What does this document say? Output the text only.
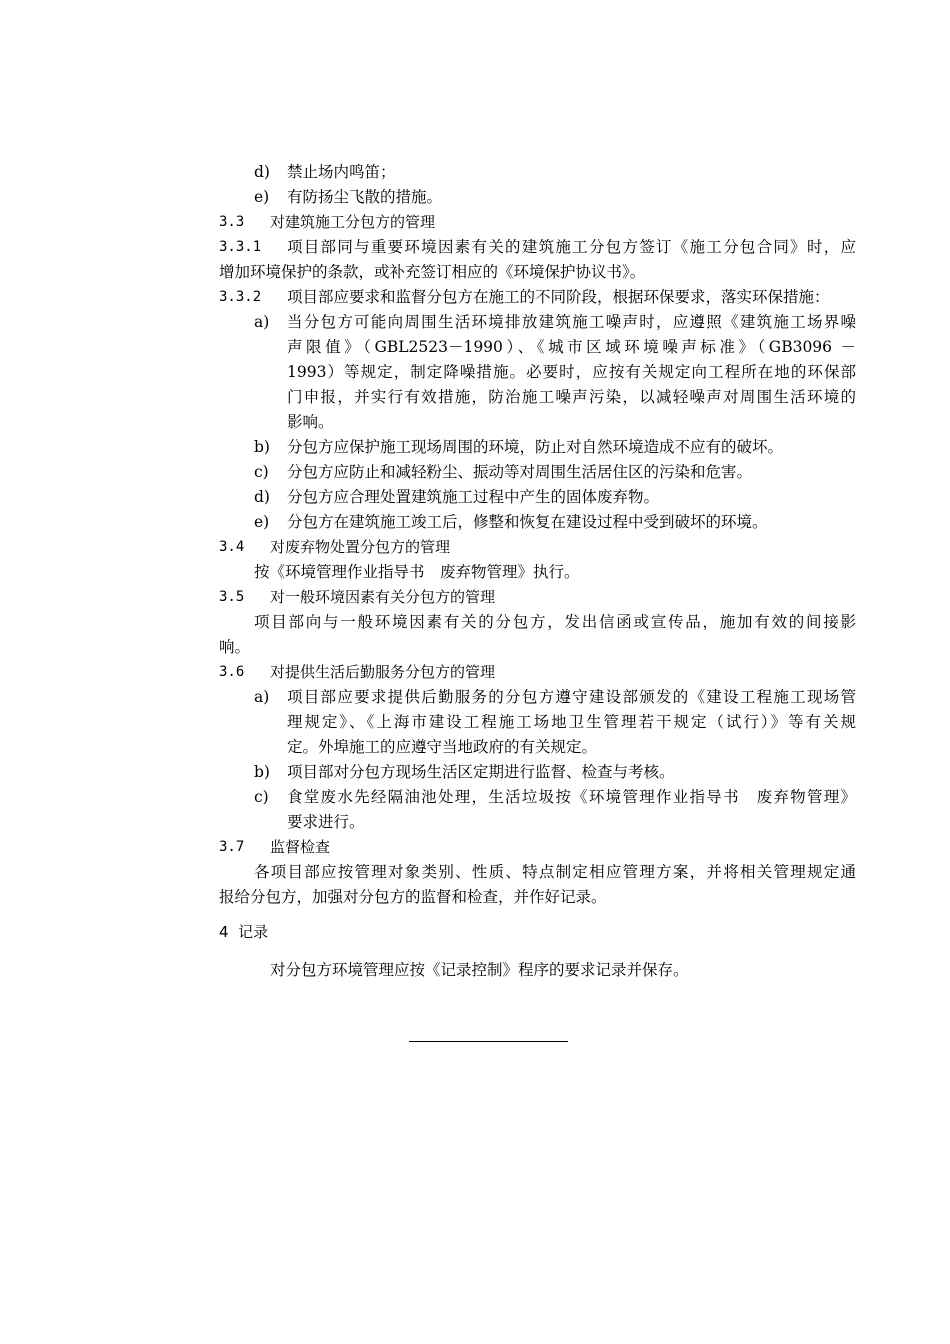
d) 禁止场内鸣笛；
e) 有防扬尘飞散的措施。
3.3 对建筑施工分包方的管理
3.3.1 项目部同与重要环境因素有关的建筑施工分包方签订《施工分包合同》时，应
增加环境保护的条款，或补充签订相应的《环境保护协议书》。
3.3.2 项目部应要求和监督分包方在施工的不同阶段，根据环保要求，落实环保措施：
a) 当分包方可能向周围生活环境排放建筑施工噪声时，应遵照《建筑施工场界噪
声限值》（GBL2523－1990）、《城市区域环境噪声标准》（GB3096 －
1993）等规定，制定降噪措施。必要时，应按有关规定向工程所在地的环保部
门申报，并实行有效措施，防治施工噪声污染，以减轻噪声对周围生活环境的
影响。
b) 分包方应保护施工现场周围的环境，防止对自然环境造成不应有的破坏。
c) 分包方应防止和减轻粉尘、振动等对周围生活居住区的污染和危害。
d) 分包方应合理处置建筑施工过程中产生的固体废弃物。
e) 分包方在建筑施工竣工后，修整和恢复在建设过程中受到破坏的环境。
3.4 对废弃物处置分包方的管理
按《环境管理作业指导书　废弃物管理》执行。
3.5 对一般环境因素有关分包方的管理
项目部向与一般环境因素有关的分包方，发出信函或宣传品，施加有效的间接影
响。
3.6 对提供生活后勤服务分包方的管理
a) 项目部应要求提供后勤服务的分包方遵守建设部颁发的《建设工程施工现场管
理规定》、《上海市建设工程施工场地卫生管理若干规定（试行）》等有关规
定。外埠施工的应遵守当地政府的有关规定。
b) 项目部对分包方现场生活区定期进行监督、检查与考核。
c) 食堂废水先经隔油池处理，生活垃圾按《环境管理作业指导书　废弃物管理》
要求进行。
3.7 监督检查
各项目部应按管理对象类别、性质、特点制定相应管理方案，并将相关管理规定通
报给分包方，加强对分包方的监督和检查，并作好记录。
4  记录
对分包方环境管理应按《记录控制》程序的要求记录并保存。
